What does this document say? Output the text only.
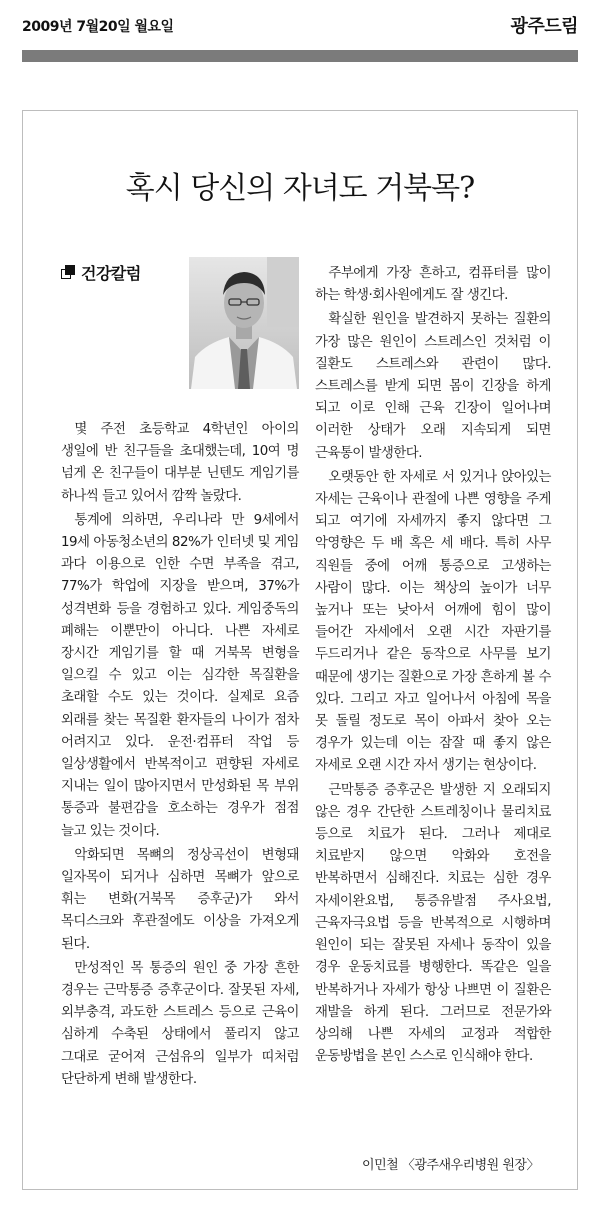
2009년 7월20일 월요일	광주드림
혹시 당신의 자녀도 거북목?
건강칼럼

몇 주전 초등학교 4학년인 아이의 생일에 반 친구들을 초대했는데, 10여 명 넘게 온 친구들이 대부분 닌텐도 게임기를 하나씩 들고 있어서 깜짝 놀랐다.

통계에 의하면, 우리나라 만 9세에서 19세 아동청소년의 82%가 인터넷 및 게임 과다 이용으로 인한 수면 부족을 겪고, 77%가 학업에 지장을 받으며, 37%가 성격변화 등을 경험하고 있다. 게임중독의 폐해는 이뿐만이 아니다. 나쁜 자세로 장시간 게임기를 할 때 거북목 변형을 일으킬 수 있고 이는 심각한 목질환을 초래할 수도 있는 것이다. 실제로 요즘 외래를 찾는 목질환 환자들의 나이가 점차 어려지고 있다. 운전·컴퓨터 작업 등 일상생활에서 반복적이고 편향된 자세로 지내는 일이 많아지면서 만성화된 목 부위 통증과 불편감을 호소하는 경우가 점점 늘고 있는 것이다.

악화되면 목뼈의 정상곡선이 변형돼 일자목이 되거나 심하면 목뼈가 앞으로 휘는 변화(거북목 증후군)가 와서 목디스크와 후관절에도 이상을 가져오게 된다.

만성적인 목 통증의 원인 중 가장 흔한 경우는 근막통증 증후군이다. 잘못된 자세, 외부충격, 과도한 스트레스 등으로 근육이 심하게 수축된 상태에서 풀리지 않고 그대로 굳어져 근섬유의 일부가 띠처럼 단단하게 변해 발생한다.

주부에게 가장 흔하고, 컴퓨터를 많이 하는 학생·회사원에게도 잘 생긴다.

확실한 원인을 발견하지 못하는 질환의 가장 많은 원인이 스트레스인 것처럼 이 질환도 스트레스와 관련이 많다. 스트레스를 받게 되면 몸이 긴장을 하게 되고 이로 인해 근육 긴장이 일어나며 이러한 상태가 오래 지속되게 되면 근육통이 발생한다.

오랫동안 한 자세로 서 있거나 앉아있는 자세는 근육이나 관절에 나쁜 영향을 주게 되고 여기에 자세까지 좋지 않다면 그 악영향은 두 배 혹은 세 배다. 특히 사무 직원들 중에 어깨 통증으로 고생하는 사람이 많다. 이는 책상의 높이가 너무 높거나 또는 낮아서 어깨에 힘이 많이 들어간 자세에서 오랜 시간 자판기를 두드리거나 같은 동작으로 사무를 보기 때문에 생기는 질환으로 가장 흔하게 볼 수 있다. 그리고 자고 일어나서 아침에 목을 못 돌릴 정도로 목이 아파서 찾아 오는 경우가 있는데 이는 잠잘 때 좋지 않은 자세로 오랜 시간 자서 생기는 현상이다.

근막통증 증후군은 발생한 지 오래되지 않은 경우 간단한 스트레칭이나 물리치료 등으로 치료가 된다. 그러나 제대로 치료받지 않으면 악화와 호전을 반복하면서 심해진다. 치료는 심한 경우 자세이완요법, 통증유발점 주사요법, 근육자극요법 등을 반복적으로 시행하며 원인이 되는 잘못된 자세나 동작이 있을 경우 운동치료를 병행한다. 똑같은 일을 반복하거나 자세가 항상 나쁘면 이 질환은 재발을 하게 된다. 그러므로 전문가와 상의해 나쁜 자세의 교정과 적합한 운동방법을 본인 스스로 인식해야 한다.

이민철 〈광주새우리병원 원장〉
